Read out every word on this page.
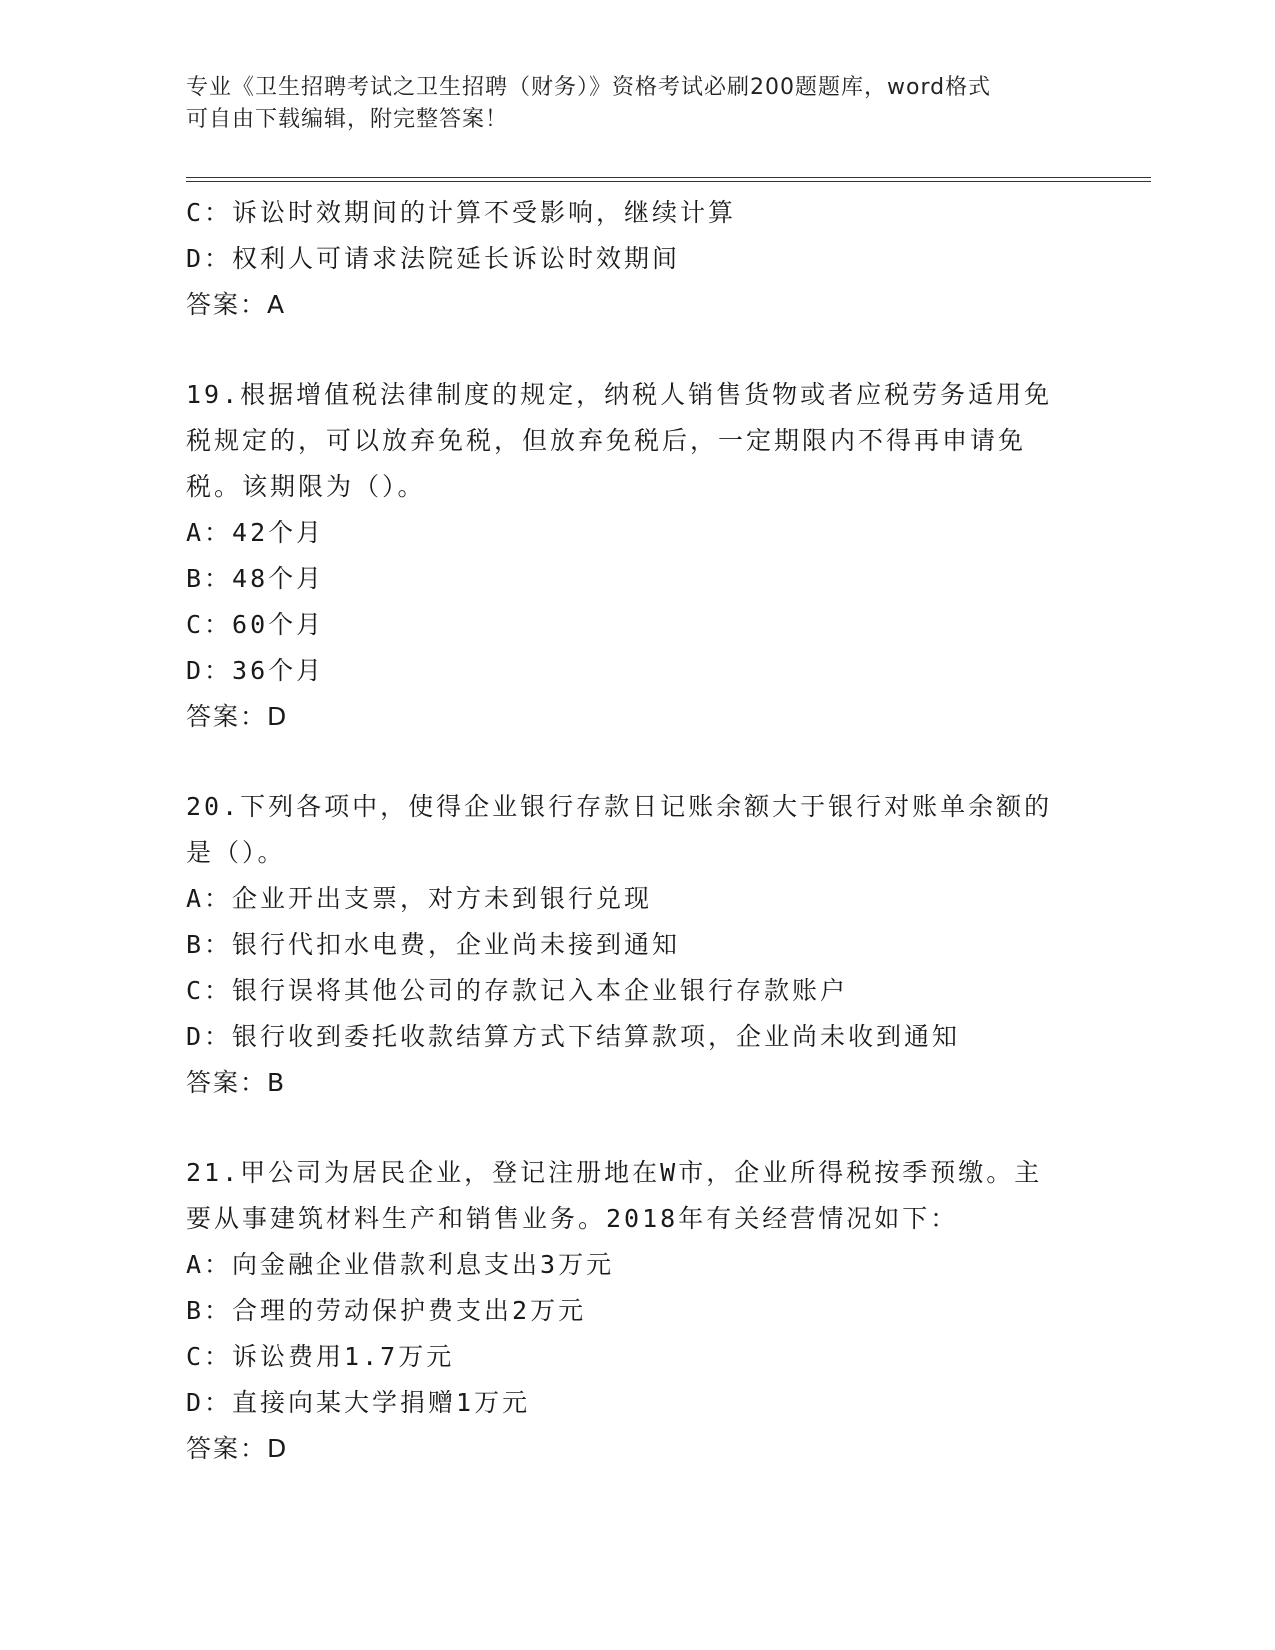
专业《卫生招聘考试之卫生招聘（财务）》资格考试必刷200题题库，word格式
可自由下载编辑，附完整答案！
C：诉讼时效期间的计算不受影响，继续计算
D：权利人可请求法院延长诉讼时效期间
答案：A
19.根据增值税法律制度的规定，纳税人销售货物或者应税劳务适用免
税规定的，可以放弃免税，但放弃免税后，一定期限内不得再申请免
税。该期限为（）。
A：42个月
B：48个月
C：60个月
D：36个月
答案：D
20.下列各项中，使得企业银行存款日记账余额大于银行对账单余额的
是（）。
A：企业开出支票，对方未到银行兑现
B：银行代扣水电费，企业尚未接到通知
C：银行误将其他公司的存款记入本企业银行存款账户
D：银行收到委托收款结算方式下结算款项，企业尚未收到通知
答案：B
21.甲公司为居民企业，登记注册地在W市，企业所得税按季预缴。主
要从事建筑材料生产和销售业务。2018年有关经营情况如下：
A：向金融企业借款利息支出3万元
B：合理的劳动保护费支出2万元
C：诉讼费用1.7万元
D：直接向某大学捐赠1万元
答案：D
